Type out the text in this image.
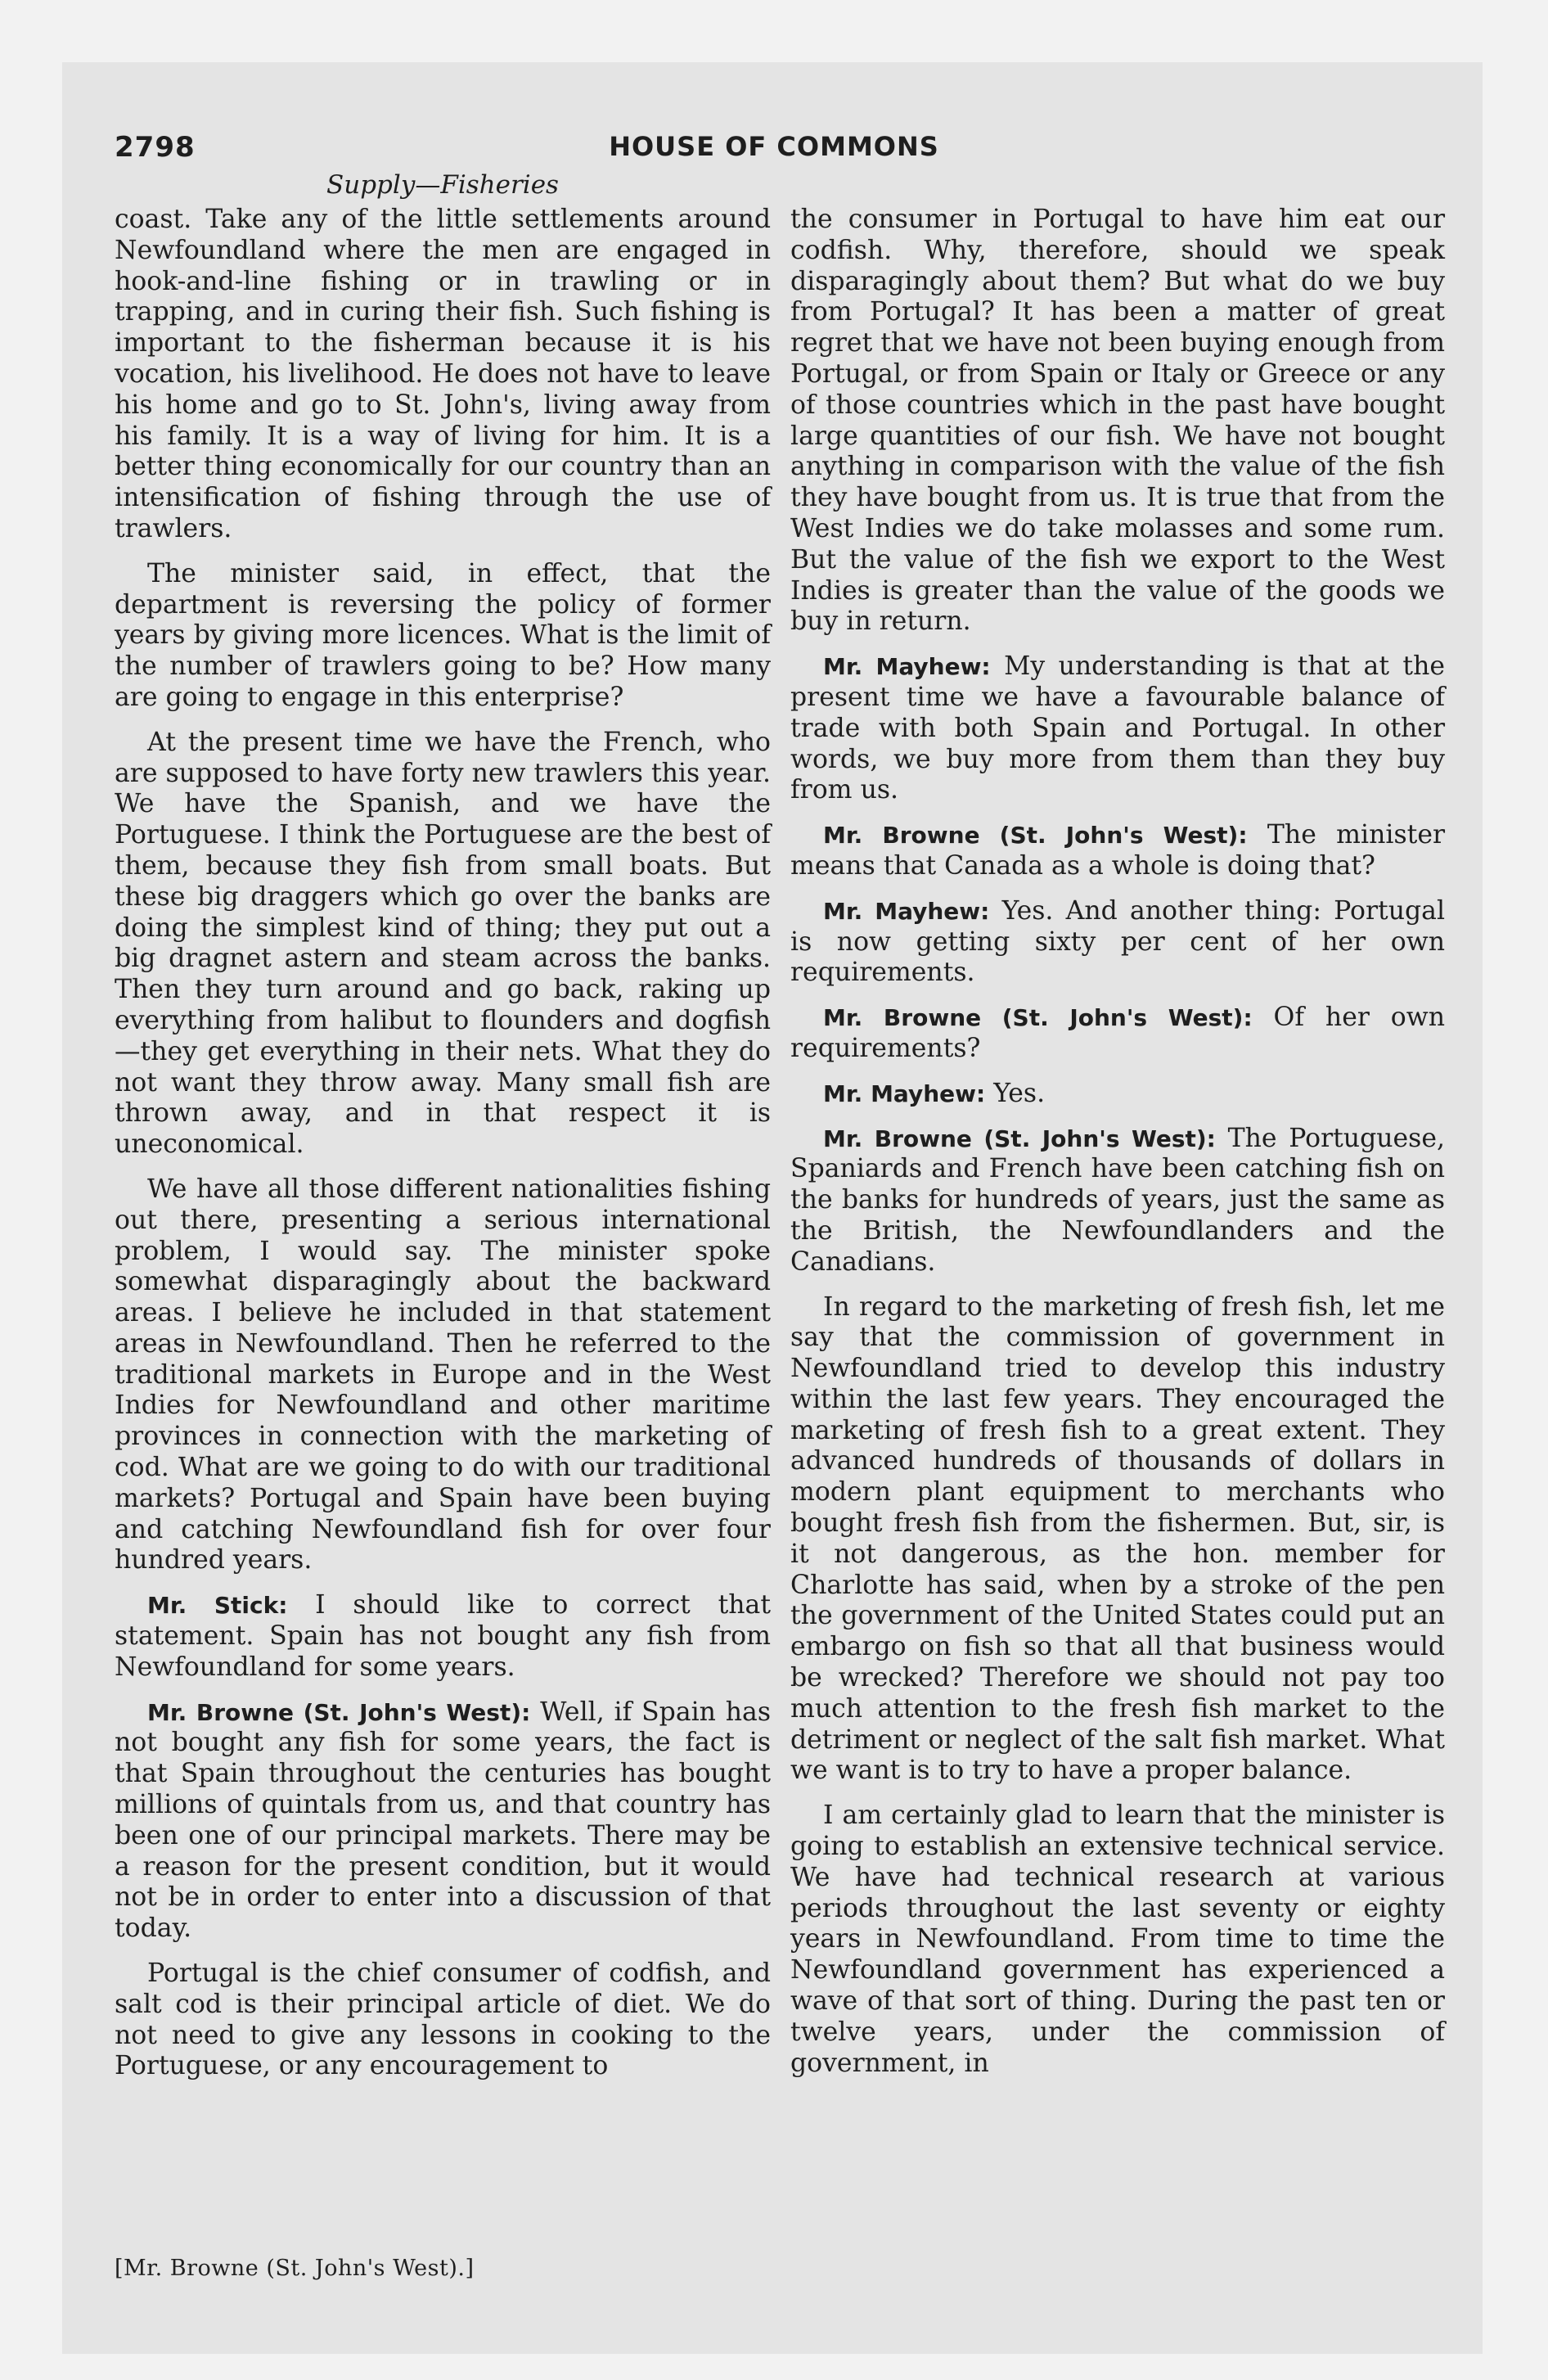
2798	HOUSE OF COMMONS
Supply—Fisheries

coast. Take any of the little settlements around Newfoundland where the men are engaged in hook-and-line fishing or in trawling or in trapping, and in curing their fish. Such fishing is important to the fisherman because it is his vocation, his livelihood. He does not have to leave his home and go to St. John's, living away from his family. It is a way of living for him. It is a better thing economically for our country than an intensification of fishing through the use of trawlers.

The minister said, in effect, that the department is reversing the policy of former years by giving more licences. What is the limit of the number of trawlers going to be? How many are going to engage in this enterprise?

At the present time we have the French, who are supposed to have forty new trawlers this year. We have the Spanish, and we have the Portuguese. I think the Portuguese are the best of them, because they fish from small boats. But these big draggers which go over the banks are doing the simplest kind of thing; they put out a big dragnet astern and steam across the banks. Then they turn around and go back, raking up everything from halibut to flounders and dogfish—they get everything in their nets. What they do not want they throw away. Many small fish are thrown away, and in that respect it is uneconomical.

We have all those different nationalities fishing out there, presenting a serious international problem, I would say. The minister spoke somewhat disparagingly about the backward areas. I believe he included in that statement areas in Newfoundland. Then he referred to the traditional markets in Europe and in the West Indies for Newfoundland and other maritime provinces in connection with the marketing of cod. What are we going to do with our traditional markets? Portugal and Spain have been buying and catching Newfoundland fish for over four hundred years.

Mr. Stick: I should like to correct that statement. Spain has not bought any fish from Newfoundland for some years.

Mr. Browne (St. John's West): Well, if Spain has not bought any fish for some years, the fact is that Spain throughout the centuries has bought millions of quintals from us, and that country has been one of our principal markets. There may be a reason for the present condition, but it would not be in order to enter into a discussion of that today.

Portugal is the chief consumer of codfish, and salt cod is their principal article of diet. We do not need to give any lessons in cooking to the Portuguese, or any encouragement to

the consumer in Portugal to have him eat our codfish. Why, therefore, should we speak disparagingly about them? But what do we buy from Portugal? It has been a matter of great regret that we have not been buying enough from Portugal, or from Spain or Italy or Greece or any of those countries which in the past have bought large quantities of our fish. We have not bought anything in comparison with the value of the fish they have bought from us. It is true that from the West Indies we do take molasses and some rum. But the value of the fish we export to the West Indies is greater than the value of the goods we buy in return.

Mr. Mayhew: My understanding is that at the present time we have a favourable balance of trade with both Spain and Portugal. In other words, we buy more from them than they buy from us.

Mr. Browne (St. John's West): The minister means that Canada as a whole is doing that?

Mr. Mayhew: Yes. And another thing: Portugal is now getting sixty per cent of her own requirements.

Mr. Browne (St. John's West): Of her own requirements?

Mr. Mayhew: Yes.

Mr. Browne (St. John's West): The Portuguese, Spaniards and French have been catching fish on the banks for hundreds of years, just the same as the British, the Newfoundlanders and the Canadians.

In regard to the marketing of fresh fish, let me say that the commission of government in Newfoundland tried to develop this industry within the last few years. They encouraged the marketing of fresh fish to a great extent. They advanced hundreds of thousands of dollars in modern plant equipment to merchants who bought fresh fish from the fishermen. But, sir, is it not dangerous, as the hon. member for Charlotte has said, when by a stroke of the pen the government of the United States could put an embargo on fish so that all that business would be wrecked? Therefore we should not pay too much attention to the fresh fish market to the detriment or neglect of the salt fish market. What we want is to try to have a proper balance.

I am certainly glad to learn that the minister is going to establish an extensive technical service. We have had technical research at various periods throughout the last seventy or eighty years in Newfoundland. From time to time the Newfoundland government has experienced a wave of that sort of thing. During the past ten or twelve years, under the commission of government, in

[Mr. Browne (St. John's West).]
